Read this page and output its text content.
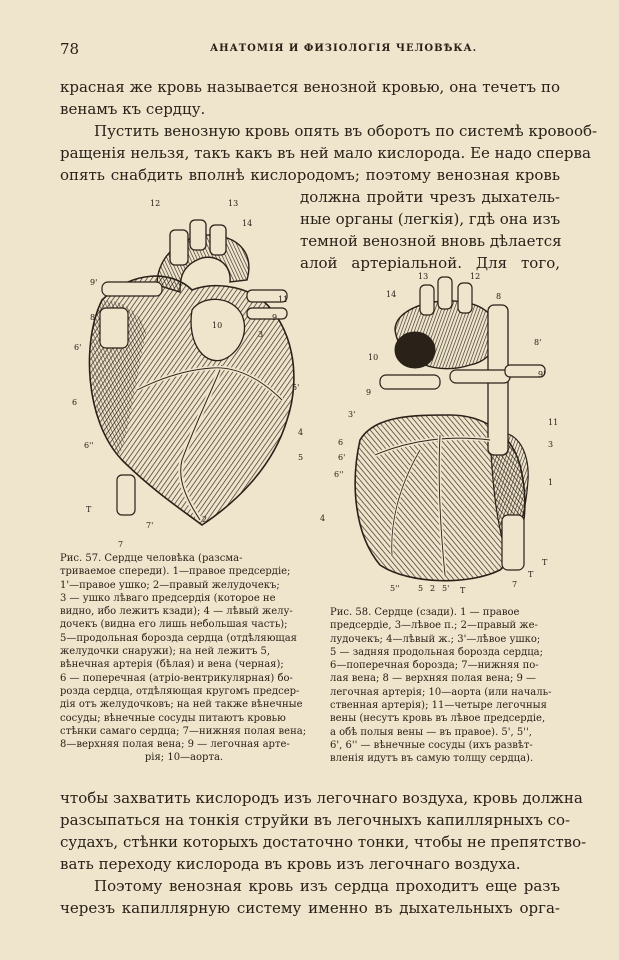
78	АНАТОМІЯ И ФИЗІОЛОГІЯ ЧЕЛОВѢКА.
красная же кровь называется венозной кровью, она течетъ по
венамъ къ сердцу.
Пустить венозную кровь опять въ оборотъ по системѣ кровооб-
ращенія нельзя, такъ какъ въ ней мало кислорода. Ее надо сперва
опять снабдить вполнѣ кислородомъ; поэтому венозная кровь
должна пройти чрезъ дыхатель-
ные органы (легкія), гдѣ она изъ
темной венозной вновь дѣлается
алой артеріальной. Для того,
12	13
14
9'
8
6'
6
6''
T
7
7'
2
5
4
5'
3
9
11
10
14
13	12
8
8'
10
9'
9
3'
11
3
6
6'
6''
4
1
T
T
5'' 5 2 5' T
7
Рис. 57. Сердце человѣка (разсма-
триваемое спереди). 1—правое предсердіе;
1'—правое ушко; 2—правый желудочекъ;
3 — ушко лѣваго предсердія (которое не
видно, ибо лежитъ кзади); 4 — лѣвый желу-
дочекъ (видна его лишь небольшая часть);
5—продольная борозда сердца (отдѣляющая
желудочки снаружи); на ней лежитъ 5,
вѣнечная артерія (бѣлая) и вена (черная);
6 — поперечная (атріо-вентрикулярная) бо-
розда сердца, отдѣляющая кругомъ предсер-
дія отъ желудочковъ; на ней также вѣнечные
сосуды; вѣнечные сосуды питаютъ кровью
стѣнки самаго сердца; 7—нижняя полая вена;
8—верхняя полая вена; 9 — легочная арте-
рія; 10—аорта.
Рис. 58. Сердце (сзади). 1 — правое
предсердіе, 3—лѣвое п.; 2—правый же-
лудочекъ; 4—лѣвый ж.; 3'—лѣвое ушко;
5 — задняя продольная борозда сердца;
6—поперечная борозда; 7—нижняя по-
лая вена; 8 — верхняя полая вена; 9 —
легочная артерія; 10—аорта (или началь-
ственная артерія); 11—четыре легочныя
вены (несутъ кровь въ лѣвое предсердіе,
а обѣ полыя вены — въ правое). 5', 5'',
6', 6'' — вѣнечные сосуды (ихъ развѣт-
вленія идутъ въ самую толщу сердца).
чтобы захватить кислородъ изъ легочнаго воздуха, кровь должна
разсыпаться на тонкія струйки въ легочныхъ капиллярныхъ со-
судахъ, стѣнки которыхъ достаточно тонки, чтобы не препятство-
вать переходу кислорода въ кровь изъ легочнаго воздуха.
Поэтому венозная кровь изъ сердца проходитъ еще разъ
черезъ капиллярную систему именно въ дыхательныхъ орга-
